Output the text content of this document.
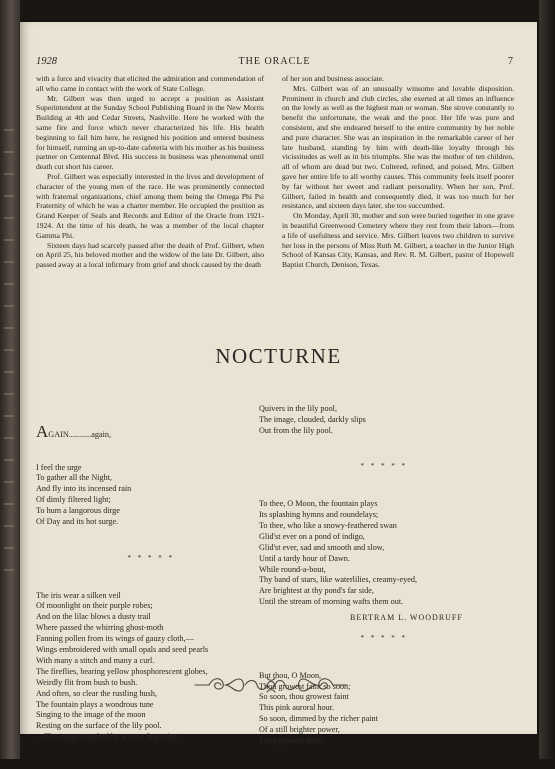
1928	THE ORACLE	7

with a force and vivacity that elicited the admiration and commendation of all who came in contact with the work of State College.

Mr. Gilbert was then urged to accept a position as Assistant Superintendent at the Sunday School Publishing Board in the New Morris Building at 4th and Cedar Streets, Nashville. Here he worked with the same fire and force which never characterized his life. His health beginning to fail him here, he resigned his position and entered business for himself, running an up-to-date cafeteria with his mother as his business partner on Centennal Blvd. His success in business was phenomenal until death cut short his career.

Prof. Gilbert was especially interested in the lives and development of character of the young men of the race. He was prominently connected with fraternal organizations, chief among them being the Omega Phi Psi Fraternity of which he was a charter member. He occupied the position as Grand Keeper of Seals and Records and Editor of the Oracle from 1921-1924. At the time of his death, he was a member of the local chapter Gamma Phi.

Sixteen days had scarcely passed after the death of Prof. Gilbert, when on April 25, his beloved mother and the widow of the late Dr. Gilbert, also passed away at a local infirmary from grief and shock caused by the death

of her son and business associate.

Mrs. Gilbert was of an unusually winsome and lovable disposition. Prominent in church and club circles, she exerted at all times an influence on the lowly as well as the highest man or woman. She strove constantly to benefit the unfortunate, the weak and the poor. Her life was pure and consistent, and she endeared herself to the entire community by her noble and pure character. She was an inspiration in the remarkable career of her late husband, standing by him with death-like loyalty through his vicissitudes as well as in his triumphs. She was the mother of ten children, all of whom are dead but two. Cultered, refined, and poised, Mrs. Gilbert gave her entire life to all worthy causes. This community feels itself poorer by far without her sweet and radiant personality. When her son, Prof. Gilbert, failed in health and consequently died, it was too much for her resistance, and sixteen days later, she too succumbed.

On Monday, April 30, mother and son were buried together in one grave in beautiful Greenwood Cemetery where they rest from their labors—from a life of usefulness and service. Mrs. Gilbert leaves two children to survive her loss in the persons of Miss Ruth M. Gilbert, a teacher in the Junior High School of Kansas City, Kansas, and Rev. R. M. Gilbert, pastor of Hopewell Baptist Church, Denison, Texas.

NOCTURNE

AGAIN...........again,

I feel the urge
To gather all the Night,
And fly into its incensed rain
Of dimly filtered light;
To hum a langorous dirge
Of Day and its hot surge.

* * * * *

The iris wear a silken veil
Of moonlight on their purple robes;
And on the lilac blows a dusty trail
Where passed the whirring ghost-moth
Fanning pollen from its wings of gauzy cloth,—
Wings embroidered with small opals and seed pearls
With many a stitch and many a curl.
The fireflies, bearing yellow phosphorescent globes,
Weirdly flit from bush to bush.
And often, so clear the rustling hush,
The fountain plays a wondrous tune
Singing to the image of the moon
Resting on the surface of the lily pool.
—The image, touched by watery fingertips,

Quivers in the lily pool,
The image, clouded, darkly slips
Out from the lily pool.

* * * * *

To thee, O Moon, the fountain plays
Its splashing hymns and roundelays;
To thee, who like a snowy-feathered swan
Glid'st ever on a pond of indigo,
Glid'st ever, sad and smooth and slow,
Until a tardy hour of Dawn.
While round-a-bout,
Thy band of stars, like waterlilies, creamy-eyed,
Are brightest at thy pond's far side,
Until the stream of morning wafts them out.

* * * * *

But thou, O Moon,
Thou growest faint so soon;
So soon, thou growest faint
This pink auroral hour.
So soon, dimmed by the richer paint
Of a still brighter power,
Thou growest faint.

BERTRAM L. WOODRUFF
